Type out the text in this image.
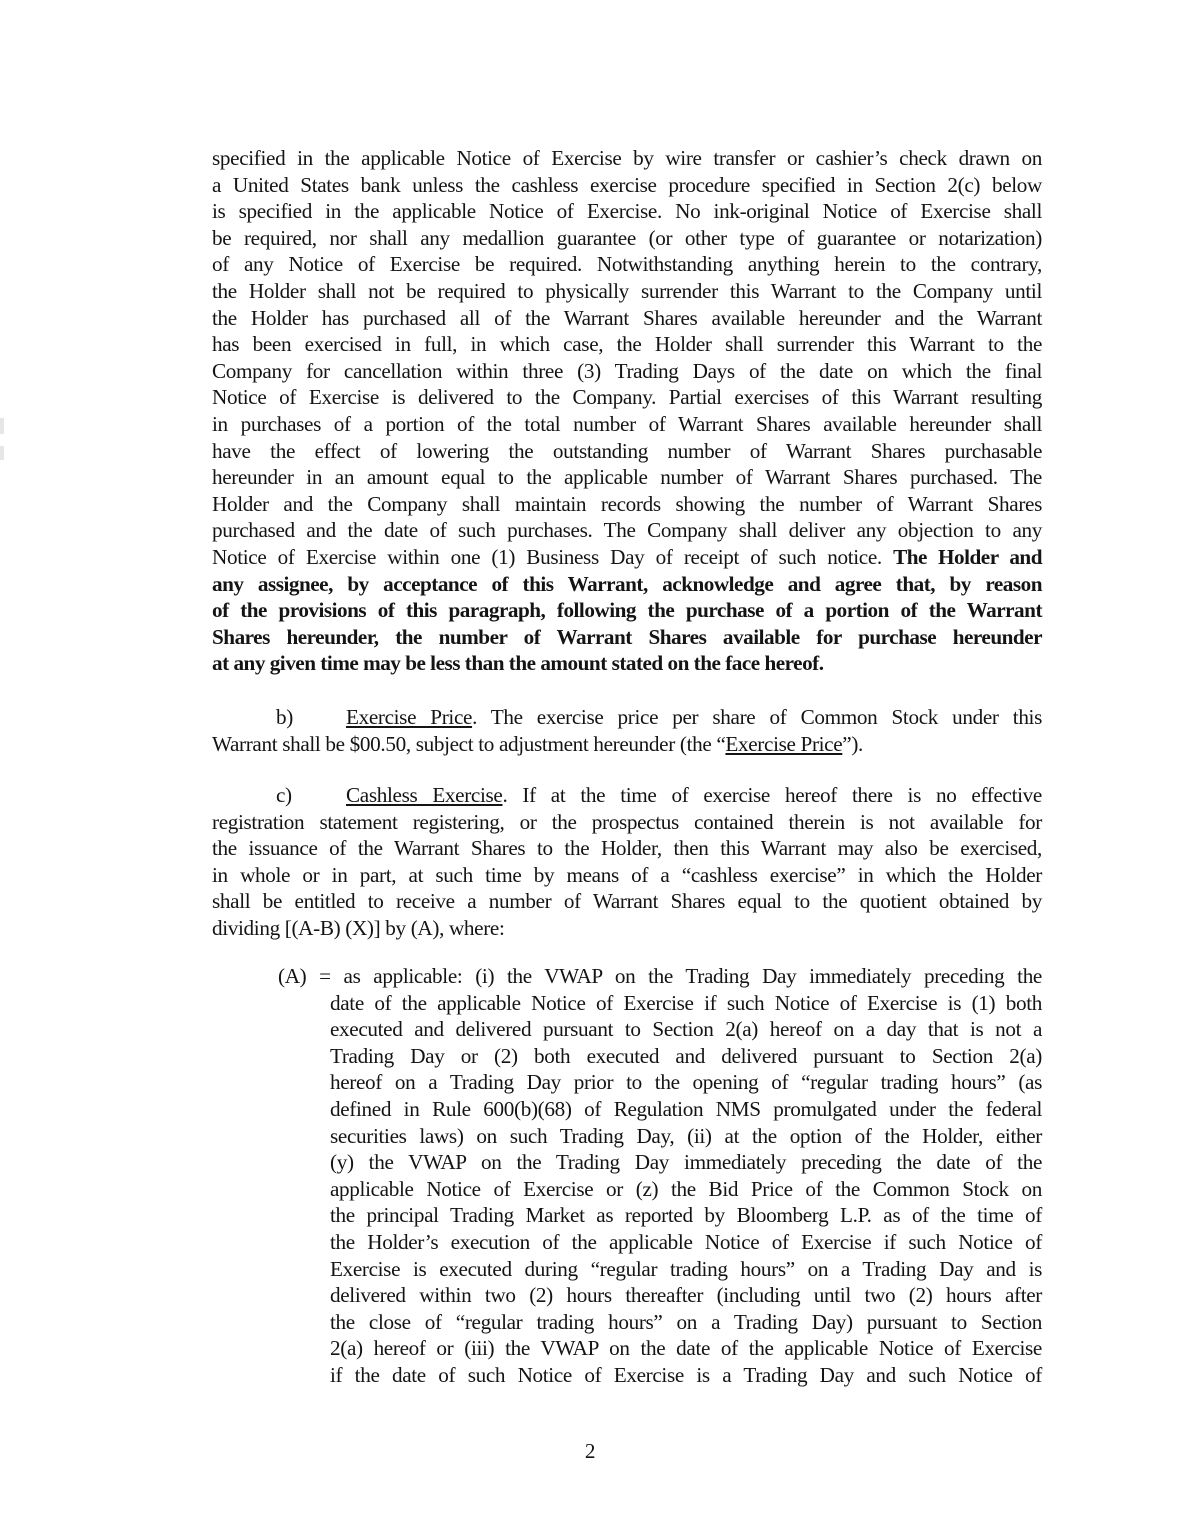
specified in the applicable Notice of Exercise by wire transfer or cashier’s check drawn on
a United States bank unless the cashless exercise procedure specified in Section 2(c) below
is specified in the applicable Notice of Exercise. No ink-original Notice of Exercise shall
be required, nor shall any medallion guarantee (or other type of guarantee or notarization)
of any Notice of Exercise be required. Notwithstanding anything herein to the contrary,
the Holder shall not be required to physically surrender this Warrant to the Company until
the Holder has purchased all of the Warrant Shares available hereunder and the Warrant
has been exercised in full, in which case, the Holder shall surrender this Warrant to the
Company for cancellation within three (3) Trading Days of the date on which the final
Notice of Exercise is delivered to the Company. Partial exercises of this Warrant resulting
in purchases of a portion of the total number of Warrant Shares available hereunder shall
have the effect of lowering the outstanding number of Warrant Shares purchasable
hereunder in an amount equal to the applicable number of Warrant Shares purchased. The
Holder and the Company shall maintain records showing the number of Warrant Shares
purchased and the date of such purchases. The Company shall deliver any objection to any
Notice of Exercise within one (1) Business Day of receipt of such notice. The Holder and
any assignee, by acceptance of this Warrant, acknowledge and agree that, by reason
of the provisions of this paragraph, following the purchase of a portion of the Warrant
Shares hereunder, the number of Warrant Shares available for purchase hereunder
at any given time may be less than the amount stated on the face hereof.
b)	Exercise Price. The exercise price per share of Common Stock under this
Warrant shall be $00.50, subject to adjustment hereunder (the “Exercise Price”).
c)	Cashless Exercise. If at the time of exercise hereof there is no effective
registration statement registering, or the prospectus contained therein is not available for
the issuance of the Warrant Shares to the Holder, then this Warrant may also be exercised,
in whole or in part, at such time by means of a “cashless exercise” in which the Holder
shall be entitled to receive a number of Warrant Shares equal to the quotient obtained by
dividing [(A-B) (X)] by (A), where:
(A) = as applicable: (i) the VWAP on the Trading Day immediately preceding the
date of the applicable Notice of Exercise if such Notice of Exercise is (1) both
executed and delivered pursuant to Section 2(a) hereof on a day that is not a
Trading Day or (2) both executed and delivered pursuant to Section 2(a)
hereof on a Trading Day prior to the opening of “regular trading hours” (as
defined in Rule 600(b)(68) of Regulation NMS promulgated under the federal
securities laws) on such Trading Day, (ii) at the option of the Holder, either
(y) the VWAP on the Trading Day immediately preceding the date of the
applicable Notice of Exercise or (z) the Bid Price of the Common Stock on
the principal Trading Market as reported by Bloomberg L.P. as of the time of
the Holder’s execution of the applicable Notice of Exercise if such Notice of
Exercise is executed during “regular trading hours” on a Trading Day and is
delivered within two (2) hours thereafter (including until two (2) hours after
the close of “regular trading hours” on a Trading Day) pursuant to Section
2(a) hereof or (iii) the VWAP on the date of the applicable Notice of Exercise
if the date of such Notice of Exercise is a Trading Day and such Notice of
2
